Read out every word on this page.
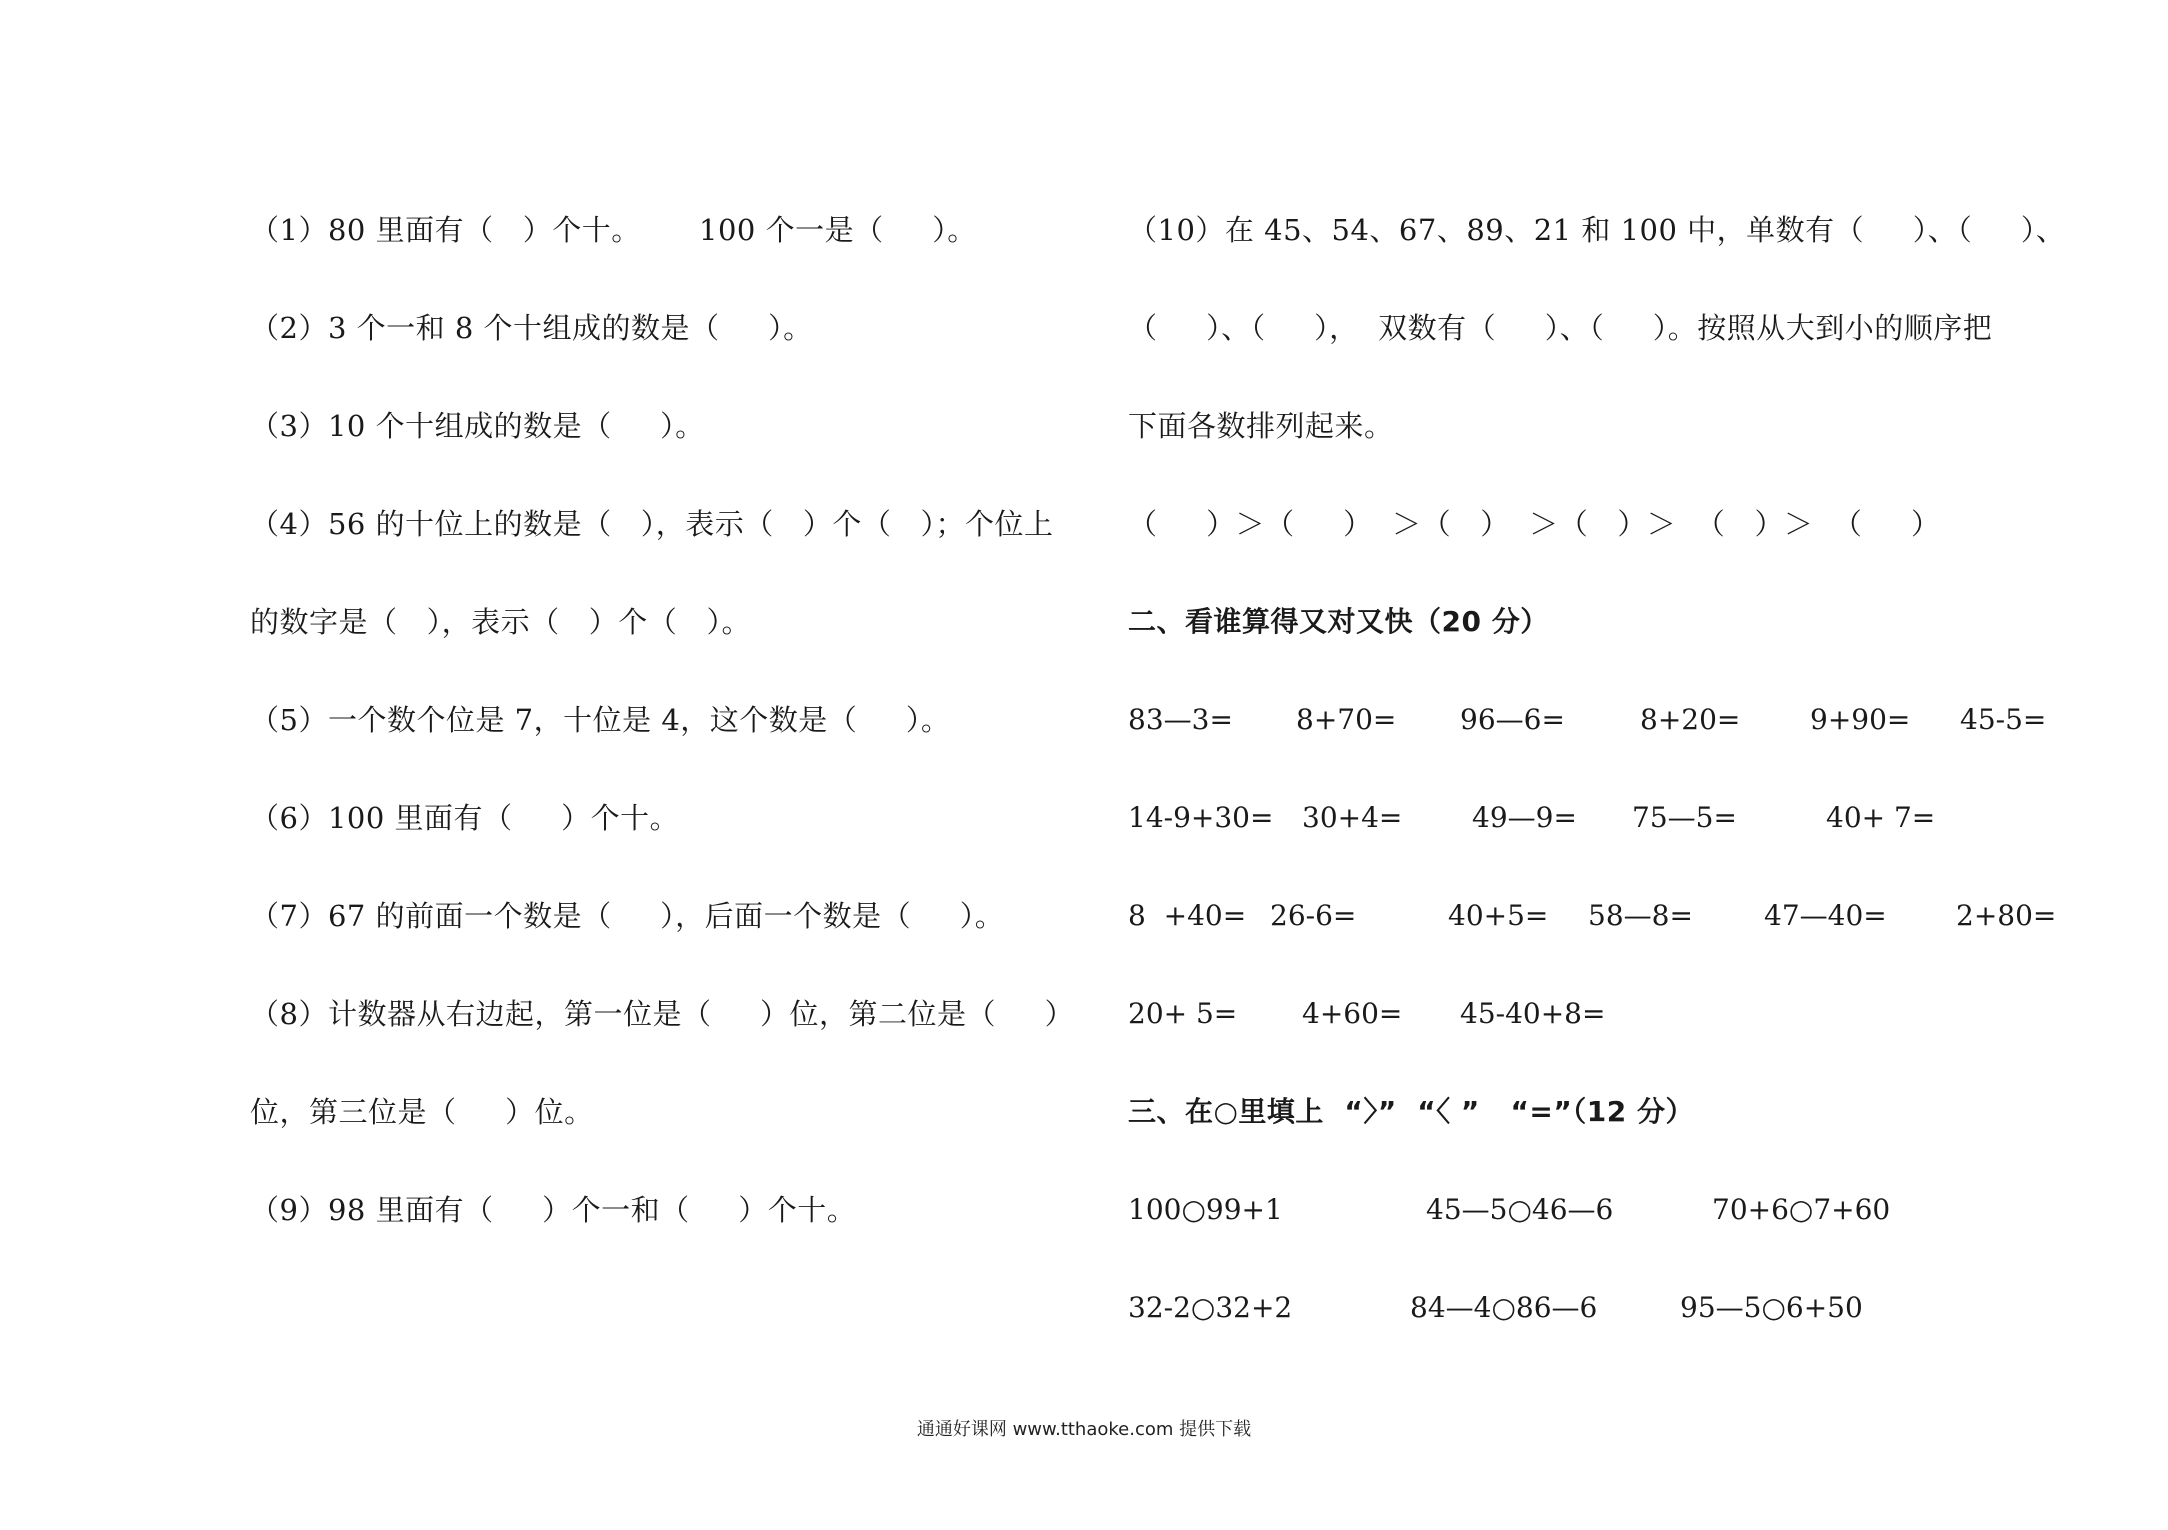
（1）80 里面有（   ）个十。      100 个一是（     ）。
（2）3 个一和 8 个十组成的数是（     ）。
（3）10 个十组成的数是（     ）。
（4）56 的十位上的数是（   ），表示（   ）个（   ）；个位上
的数字是（   ），表示（   ）个（   ）。
（5）一个数个位是 7，十位是 4，这个数是（     ）。
（6）100 里面有（     ）个十。
（7）67 的前面一个数是（     ），后面一个数是（     ）。
（8）计数器从右边起，第一位是（     ）位，第二位是（     ）
位，第三位是（     ）位。
（9）98 里面有（     ）个一和（     ）个十。
（10）在 45、54、67、89、21 和 100 中，单数有（     ）、（     ）、
（     ）、（     ），  双数有（     ）、（     ）。按照从大到小的顺序把
下面各数排列起来。
（     ）＞（     ）  ＞（   ）  ＞（   ）＞  （   ）＞  （     ）
二、看谁算得又对又快（20 分）
83—3= 8+70= 96—6=	8+20= 9+90= 45-5=
14-9+30= 30+4= 49—9= 75—5=	40+ 7=
8  +40= 26-6=	40+5= 58—8=	47—40= 2+80=
20+ 5= 4+60= 45-40+8=
三、在○里填上  “〉”  “〈 ”   “=”（12 分）
100○99+1	45—5○46—6	70+6○7+60
32-2○32+2	84—4○86—6	95—5○6+50
通通好课网 www.tthaoke.com 提供下载
